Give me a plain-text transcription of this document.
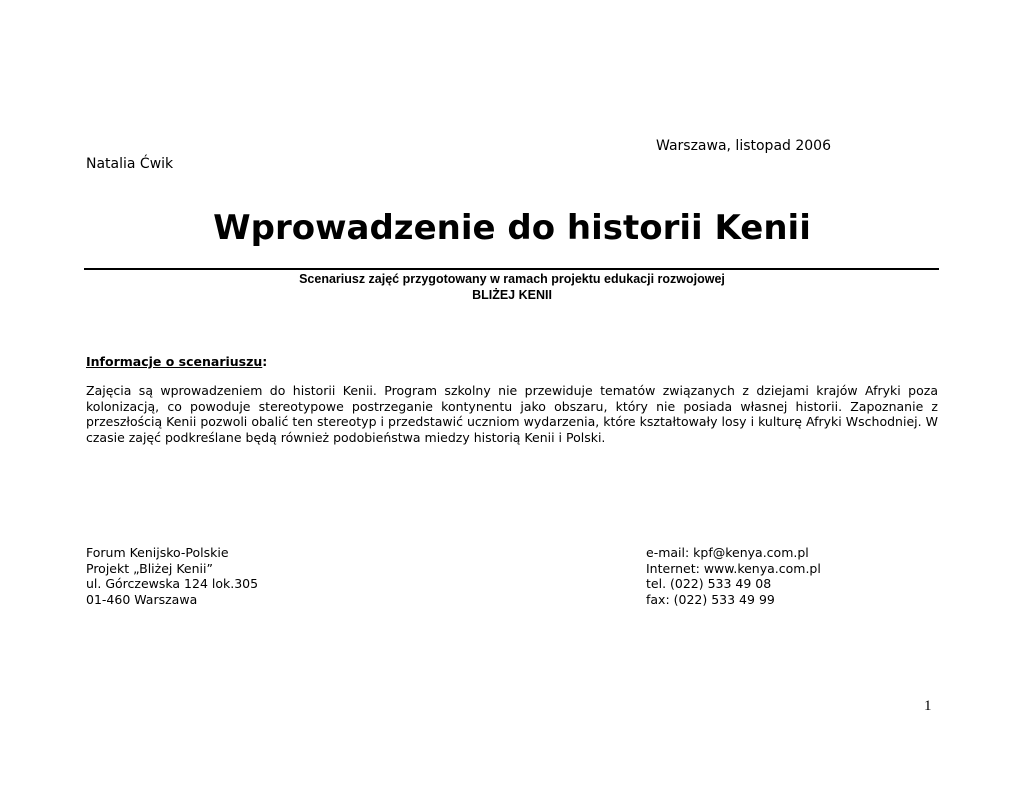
Warszawa, listopad 2006
Natalia Ćwik
Wprowadzenie do historii Kenii
Scenariusz zajęć przygotowany w ramach projektu edukacji rozwojowej
BLIŻEJ KENII
Informacje o scenariuszu:
Zajęcia są wprowadzeniem do historii Kenii. Program szkolny nie przewiduje tematów związanych z dziejami krajów Afryki poza kolonizacją, co powoduje stereotypowe postrzeganie kontynentu jako obszaru, który nie posiada własnej historii. Zapoznanie z przeszłością Kenii pozwoli obalić ten stereotyp i przedstawić uczniom wydarzenia, które kształtowały losy i kulturę Afryki Wschodniej. W czasie zajęć podkreślane będą również podobieństwa miedzy historią Kenii i Polski.
Forum Kenijsko-Polskie
Projekt „Bliżej Kenii”
ul. Górczewska 124 lok.305
01-460 Warszawa
e-mail: kpf@kenya.com.pl
Internet: www.kenya.com.pl
tel. (022) 533 49 08
fax: (022) 533 49 99
1
